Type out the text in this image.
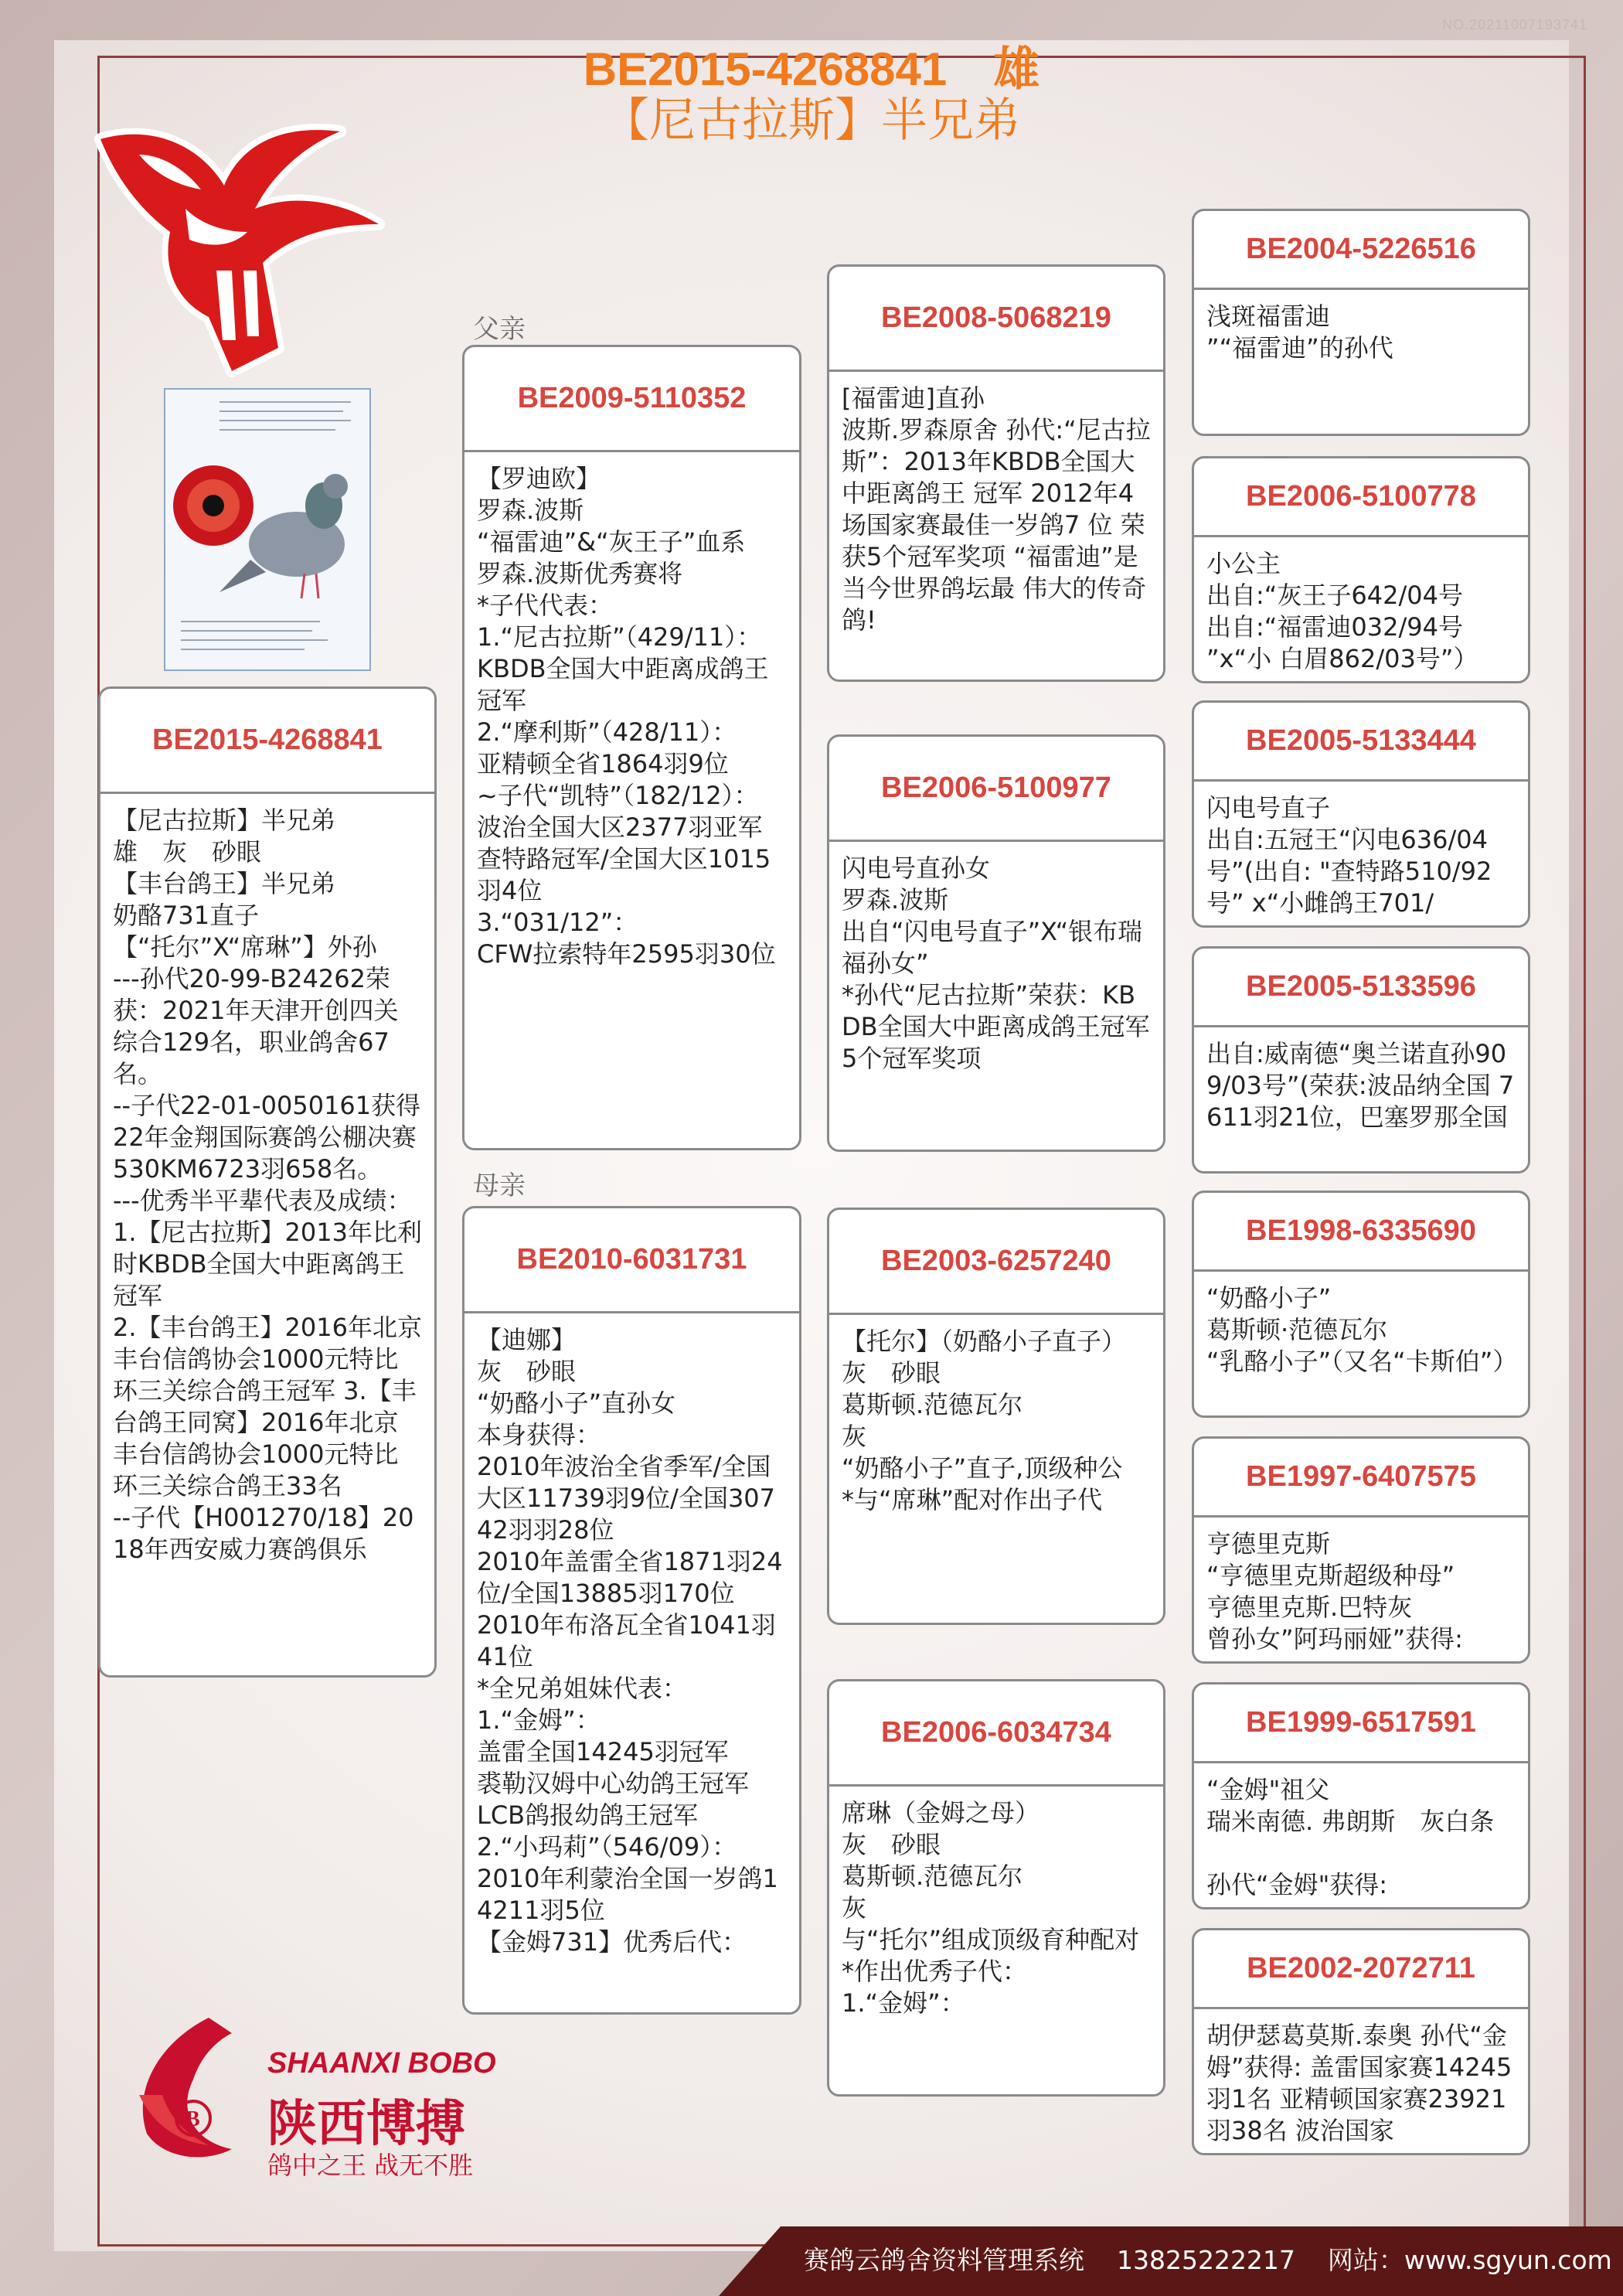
NO.20211007193741
BE2015-4268841 雄
【尼古拉斯】半兄弟
父亲
母亲
BE2015-4268841
【尼古拉斯】半兄弟
雄　灰　砂眼
【丰台鸽王】半兄弟
奶酪731直子
【“托尔”X“席琳”】外孙
---孙代20-99-B24262荣获：2021年天津开创四关综合129名，职业鸽舍67名。
--子代22-01-0050161获得22年金翔国际赛鸽公棚决赛530KM6723羽658名。
---优秀半平辈代表及成绩：
1.【尼古拉斯】2013年比利时KBDB全国大中距离鸽王冠军
2.【丰台鸽王】2016年北京丰台信鸽协会1000元特比环三关综合鸽王冠军 3.【丰台鸽王同窝】2016年北京丰台信鸽协会1000元特比环三关综合鸽王33名
--子代【H001270/18】2018年西安威力赛鸽俱乐
BE2009-5110352
【罗迪欧】
罗森.波斯
“福雷迪”&“灰王子”血系
罗森.波斯优秀赛将
*子代代表：
1.“尼古拉斯”（429/11）：
KBDB全国大中距离成鸽王冠军
2.“摩利斯”（428/11）：
亚精顿全省1864羽9位
~子代“凯特”（182/12）：
波治全国大区2377羽亚军查特路冠军/全国大区1015羽4位
3.“031/12”：
CFW拉索特年2595羽30位
BE2010-6031731
【迪娜】
灰　砂眼
“奶酪小子”直孙女
本身获得：
2010年波治全省季军/全国大区11739羽9位/全国30742羽羽28位
2010年盖雷全省1871羽24位/全国13885羽170位
2010年布洛瓦全省1041羽41位
*全兄弟姐妹代表：
1.“金姆”：
盖雷全国14245羽冠军
裘勒汉姆中心幼鸽王冠军
LCB鸽报幼鸽王冠军
2.“小玛莉”（546/09）：
2010年利蒙治全国一岁鸽14211羽5位
【金姆731】优秀后代：
BE2008-5068219
[福雷迪]直孙
波斯.罗森原舍 孙代:“尼古拉斯”：2013年KBDB全国大中距离鸽王 冠军 2012年4场国家赛最佳一岁鸽7 位 荣获5个冠军奖项 “福雷迪”是当今世界鸽坛最 伟大的传奇鸽!
BE2006-5100977
闪电号直孙女
罗森.波斯
出自“闪电号直子”X“银布瑞福孙女”
*孙代“尼古拉斯”荣获：KBDB全国大中距离成鸽王冠军
5个冠军奖项
BE2003-6257240
【托尔】（奶酪小子直子）
灰　砂眼
葛斯顿.范德瓦尔
灰
“奶酪小子”直子,顶级种公
*与“席琳”配对作出子代
BE2006-6034734
席琳（金姆之母）
灰　砂眼
葛斯顿.范德瓦尔
灰
与“托尔”组成顶级育种配对
*作出优秀子代：
1.“金姆”：
BE2004-5226516
浅斑福雷迪
”“福雷迪”的孙代
BE2006-5100778
小公主
出自:“灰王子642/04号
出自:“福雷迪032/94号
”x“小 白眉862/03号”）
BE2005-5133444
闪电号直子
出自:五冠王“闪电636/04 号”(出自: "查特路510/92 号” x“小雌鸽王701/
BE2005-5133596
出自:威南德“奥兰诺直孙909/03号”(荣获:波品纳全国 7611羽21位，巴塞罗那全国
BE1998-6335690
“奶酪小子”
葛斯顿·范德瓦尔
“乳酪小子”（又名“卡斯伯”）
BE1997-6407575
亨德里克斯
“亨德里克斯超级种母”
亨德里克斯.巴特灰
曾孙女”阿玛丽娅”获得:
BE1999-6517591
“金姆"祖父
瑞米南德. 弗朗斯　灰白条

孙代“金姆"获得:
BE2002-2072711
胡伊瑟葛莫斯.泰奥 孙代“金姆”获得: 盖雷国家赛14245羽1名 亚精顿国家赛23921羽38名 波治国家
B
SHAANXI BOBO
陕西博搏
鸽中之王 战无不胜
赛鸽云鸽舍资料管理系统 13825222217 网站：www.sgyun.com
